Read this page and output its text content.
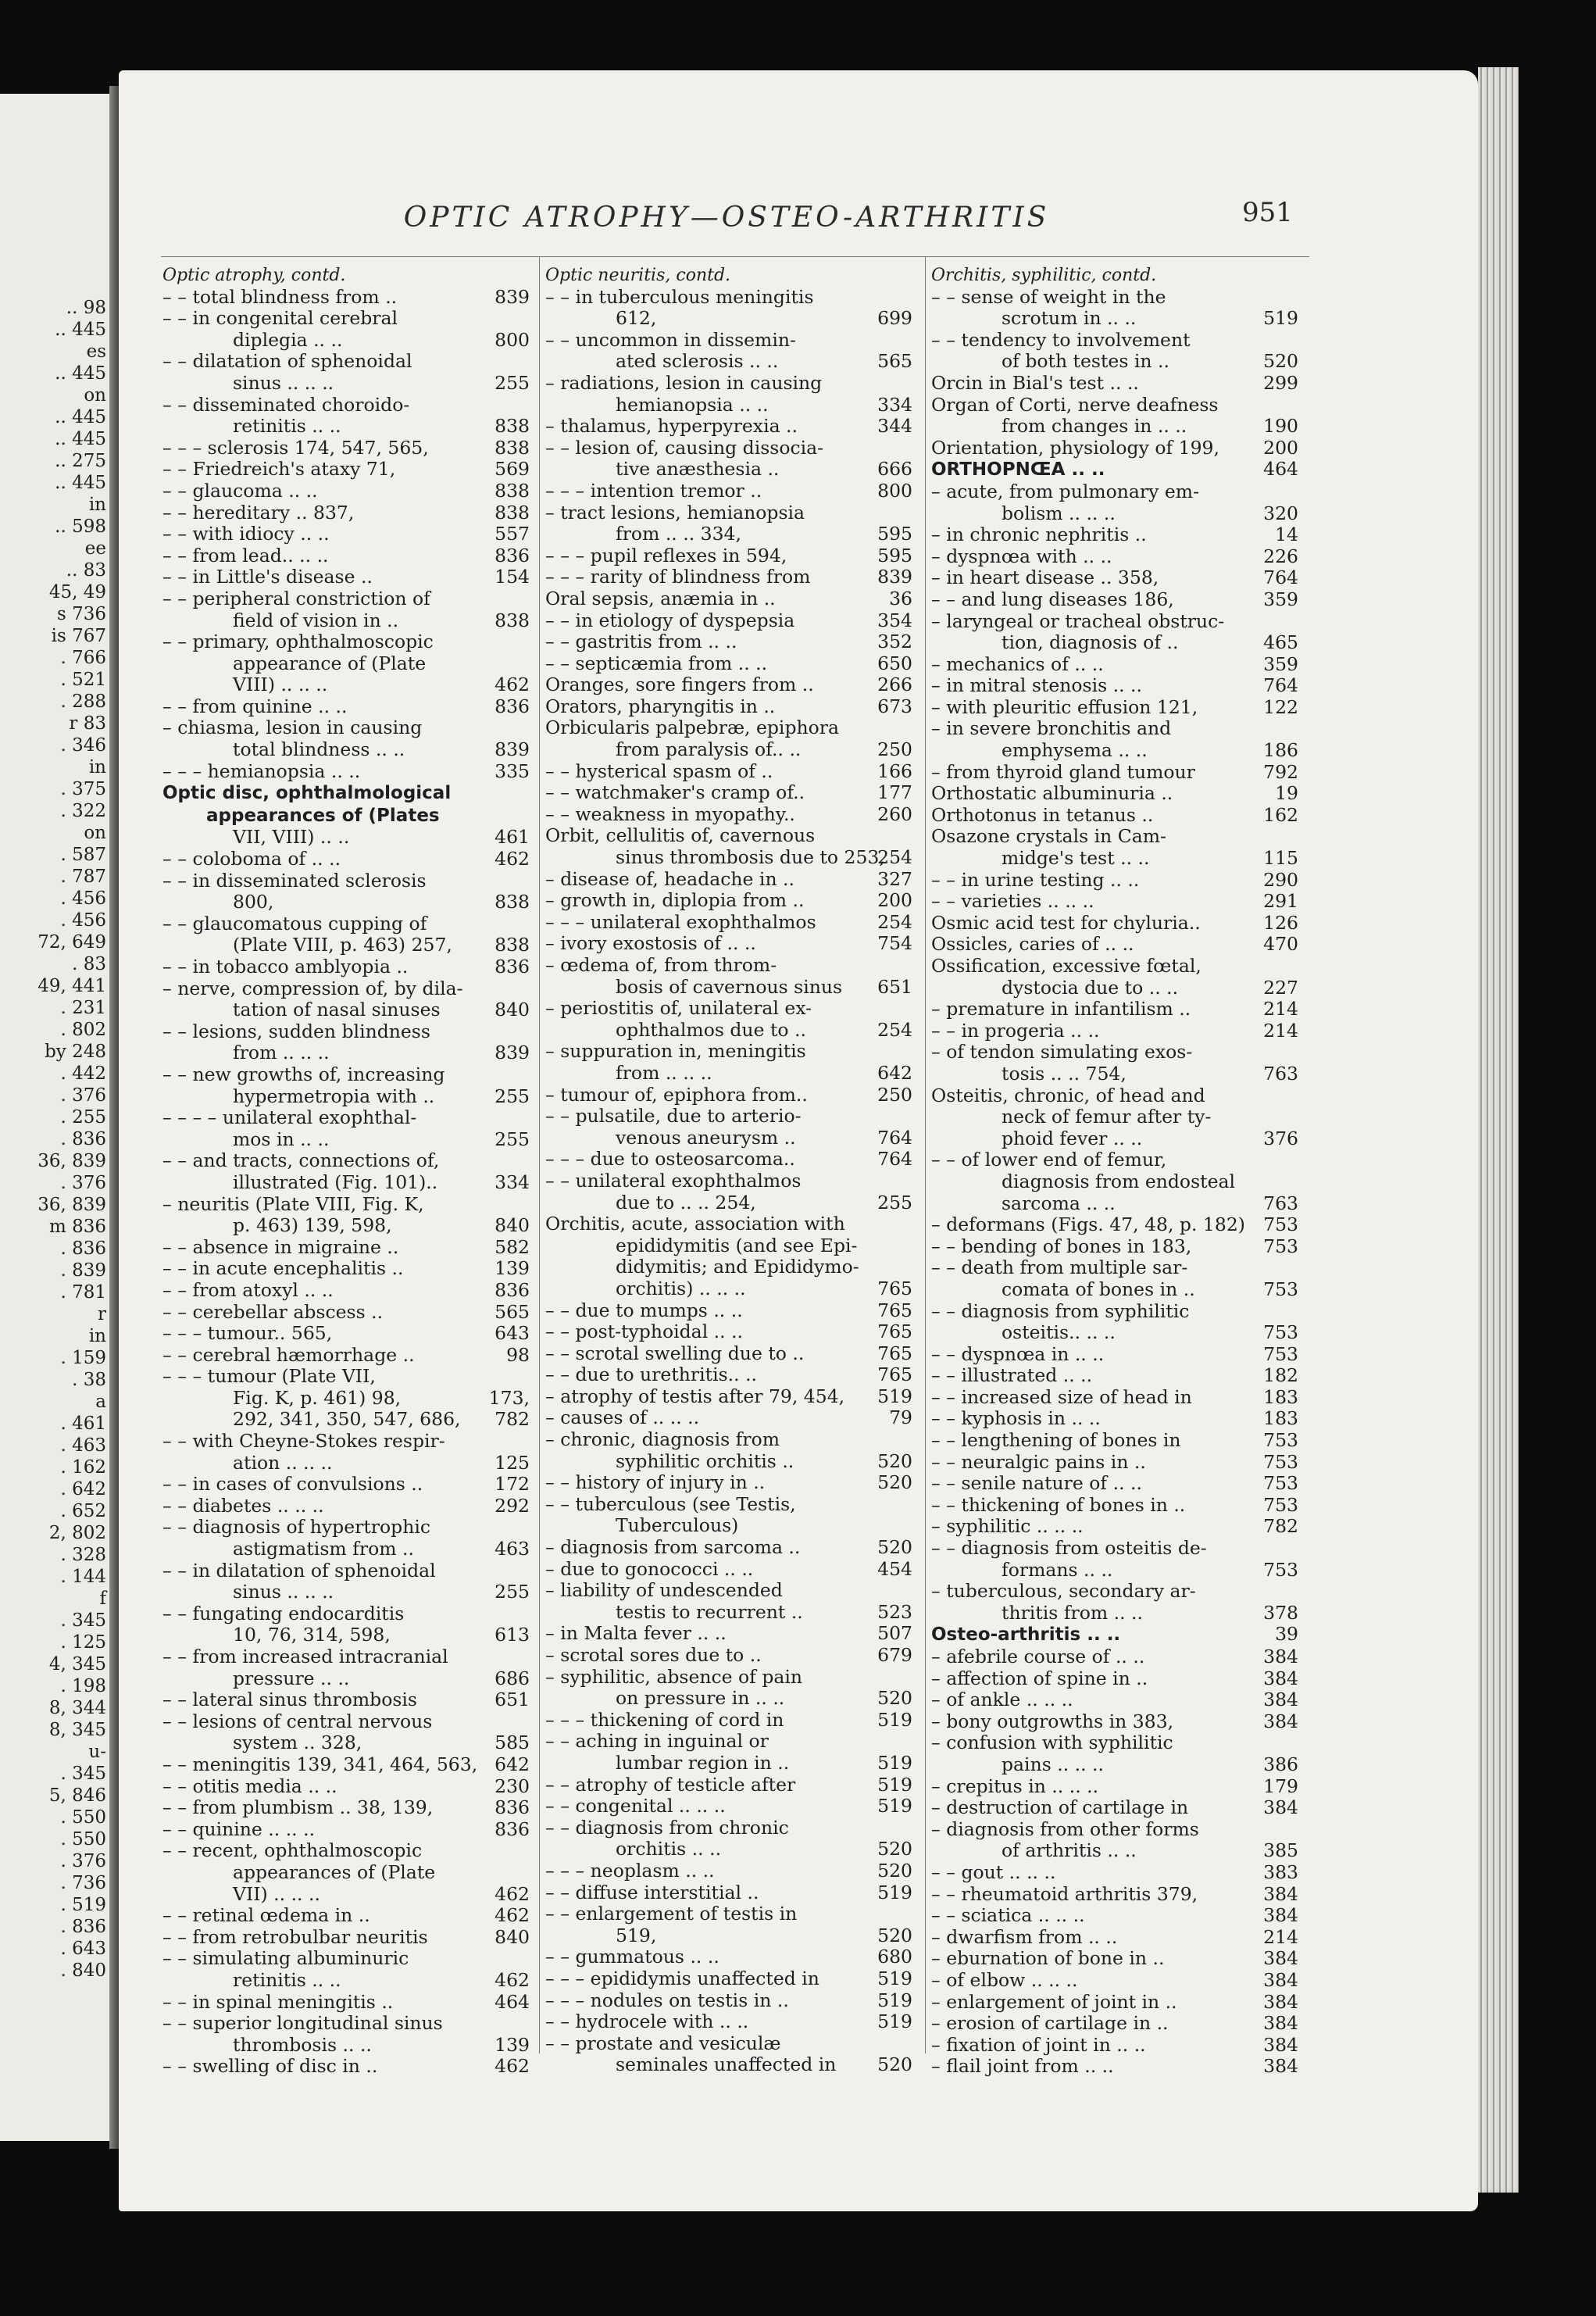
.. 98
.. 445
es
.. 445
on
.. 445
.. 445
.. 275
.. 445
in
.. 598
ee
.. 83
45, 49
s 736
is 767
. 766
. 521
. 288
r 83
. 346
in
. 375
. 322
on
. 587
. 787
. 456
. 456
72, 649
. 83
49, 441
. 231
. 802
by 248
. 442
. 376
. 255
. 836
36, 839
. 376
36, 839
m 836
. 836
. 839
. 781
r
in
. 159
. 38
a
. 461
. 463
. 162
. 642
. 652
2, 802
. 328
. 144
f
. 345
. 125
4, 345
. 198
8, 344
8, 345
u-
. 345
5, 846
. 550
. 550
. 376
. 736
. 519
. 836
. 643
. 840
OPTIC ATROPHY—OSTEO-ARTHRITIS	951
Optic atrophy, contd.
– – total blindness from ..	839
– – in congenital cerebral
diplegia .. ..	800
– – dilatation of sphenoidal
sinus .. .. ..	255
– – disseminated choroido-
retinitis .. ..	838
– – – sclerosis 174, 547, 565,	838
– – Friedreich's ataxy 71,	569
– – glaucoma .. ..	838
– – hereditary .. 837,	838
– – with idiocy .. ..	557
– – from lead.. .. ..	836
– – in Little's disease ..	154
– – peripheral constriction of
field of vision in ..	838
– – primary, ophthalmoscopic
appearance of (Plate
VIII) .. .. ..	462
– – from quinine .. ..	836
– chiasma, lesion in causing
total blindness .. ..	839
– – – hemianopsia .. ..	335
Optic disc, ophthalmological
appearances of (Plates
VII, VIII) .. ..	461
– – coloboma of .. ..	462
– – in disseminated sclerosis
800,	838
– – glaucomatous cupping of
(Plate VIII, p. 463) 257, 838
– – in tobacco amblyopia ..	836
– nerve, compression of, by dila-
tation of nasal sinuses	840
– – lesions, sudden blindness
from .. .. ..	839
– – new growths of, increasing
hypermetropia with ..	255
– – – – unilateral exophthal-
mos in .. ..	255
– – and tracts, connections of,
illustrated (Fig. 101)..	334
– neuritis (Plate VIII, Fig. K,
p. 463) 139, 598,	840
– – absence in migraine ..	582
– – in acute encephalitis ..	139
– – from atoxyl .. ..	836
– – cerebellar abscess ..	565
– – – tumour.. 565,	643
– – cerebral hæmorrhage ..	98
– – – tumour (Plate VII,
Fig. K, p. 461) 98,	173,
292, 341, 350, 547, 686, 782
– – with Cheyne-Stokes respir-
ation .. .. ..	125
– – in cases of convulsions ..	172
– – diabetes .. .. ..	292
– – diagnosis of hypertrophic
astigmatism from ..	463
– – in dilatation of sphenoidal
sinus .. .. ..	255
– – fungating endocarditis
10, 76, 314, 598,	613
– – from increased intracranial
pressure .. ..	686
– – lateral sinus thrombosis	651
– – lesions of central nervous
system .. 328,	585
– – meningitis 139, 341, 464, 563, 642
– – otitis media .. ..	230
– – from plumbism .. 38, 139,	836
– – quinine .. .. ..	836
– – recent, ophthalmoscopic
appearances of (Plate
VII) .. .. ..	462
– – retinal œdema in ..	462
– – from retrobulbar neuritis	840
– – simulating albuminuric
retinitis .. ..	462
– – in spinal meningitis ..	464
– – superior longitudinal sinus
thrombosis .. ..	139
– – swelling of disc in ..	462
Optic neuritis, contd.
– – in tuberculous meningitis
612,	699
– – uncommon in dissemin-
ated sclerosis .. ..	565
– radiations, lesion in causing
hemianopsia .. ..	334
– thalamus, hyperpyrexia ..	344
– – lesion of, causing dissocia-
tive anæsthesia ..	666
– – – intention tremor ..	800
– tract lesions, hemianopsia
from .. .. 334,	595
– – – pupil reflexes in 594,	595
– – – rarity of blindness from	839
Oral sepsis, anæmia in ..	36
– – in etiology of dyspepsia	354
– – gastritis from .. ..	352
– – septicæmia from .. ..	650
Oranges, sore fingers from ..	266
Orators, pharyngitis in ..	673
Orbicularis palpebræ, epiphora
from paralysis of.. ..	250
– – hysterical spasm of ..	166
– – watchmaker's cramp of..	177
– – weakness in myopathy..	260
Orbit, cellulitis of, cavernous
sinus thrombosis due to 253,
254
– disease of, headache in ..	327
– growth in, diplopia from ..	200
– – – unilateral exophthalmos	254
– ivory exostosis of .. ..	754
– œdema of, from throm-
bosis of cavernous sinus 651
– periostitis of, unilateral ex-
ophthalmos due to ..	254
– suppuration in, meningitis
from .. .. ..	642
– tumour of, epiphora from..	250
– – pulsatile, due to arterio-
venous aneurysm ..	764
– – – due to osteosarcoma..	764
– – unilateral exophthalmos
due to .. .. 254,	255
Orchitis, acute, association with
epididymitis (and see Epi-
didymitis; and Epididymo-
orchitis) .. .. ..	765
– – due to mumps .. ..	765
– – post-typhoidal .. ..	765
– – scrotal swelling due to ..	765
– – due to urethritis.. ..	765
– atrophy of testis after 79, 454, 519
– causes of .. .. ..	79
– chronic, diagnosis from
syphilitic orchitis ..	520
– – history of injury in ..	520
– – tuberculous (see Testis,
Tuberculous)
– diagnosis from sarcoma ..	520
– due to gonococci .. ..	454
– liability of undescended
testis to recurrent ..	523
– in Malta fever .. ..	507
– scrotal sores due to ..	679
– syphilitic, absence of pain
on pressure in .. ..	520
– – – thickening of cord in	519
– – aching in inguinal or
lumbar region in ..	519
– – atrophy of testicle after	519
– – congenital .. .. ..	519
– – diagnosis from chronic
orchitis .. ..	520
– – – neoplasm .. ..	520
– – diffuse interstitial ..	519
– – enlargement of testis in
519,	520
– – gummatous .. ..	680
– – – epididymis unaffected in	519
– – – nodules on testis in ..	519
– – hydrocele with .. ..	519
– – prostate and vesiculæ
seminales unaffected in 520
Orchitis, syphilitic, contd.
– – sense of weight in the
scrotum in .. ..	519
– – tendency to involvement
of both testes in ..	520
Orcin in Bial's test .. ..	299
Organ of Corti, nerve deafness
from changes in .. ..	190
Orientation, physiology of 199, 200
ORTHOPNŒA .. ..	464
– acute, from pulmonary em-
bolism .. .. ..	320
– in chronic nephritis ..	14
– dyspnœa with .. ..	226
– in heart disease .. 358,	764
– – and lung diseases 186,	359
– laryngeal or tracheal obstruc-
tion, diagnosis of ..	465
– mechanics of .. ..	359
– in mitral stenosis .. ..	764
– with pleuritic effusion 121,	122
– in severe bronchitis and
emphysema .. ..	186
– from thyroid gland tumour	792
Orthostatic albuminuria ..	19
Orthotonus in tetanus ..	162
Osazone crystals in Cam-
midge's test .. ..	115
– – in urine testing .. ..	290
– – varieties .. .. ..	291
Osmic acid test for chyluria..	126
Ossicles, caries of .. ..	470
Ossification, excessive fœtal,
dystocia due to .. ..	227
– premature in infantilism ..	214
– – in progeria .. ..	214
– of tendon simulating exos-
tosis .. .. 754,	763
Osteitis, chronic, of head and
neck of femur after ty-
phoid fever .. ..	376
– – of lower end of femur,
diagnosis from endosteal
sarcoma .. ..	763
– deformans (Figs. 47, 48, p. 182) 753
– – bending of bones in 183,	753
– – death from multiple sar-
comata of bones in ..	753
– – diagnosis from syphilitic
osteitis.. .. ..	753
– – dyspnœa in .. ..	753
– – illustrated .. ..	182
– – increased size of head in	183
– – kyphosis in .. ..	183
– – lengthening of bones in	753
– – neuralgic pains in ..	753
– – senile nature of .. ..	753
– – thickening of bones in ..	753
– syphilitic .. .. ..	782
– – diagnosis from osteitis de-
formans .. ..	753
– tuberculous, secondary ar-
thritis from .. ..	378
Osteo-arthritis .. ..	39
– afebrile course of .. ..	384
– affection of spine in ..	384
– of ankle .. .. ..	384
– bony outgrowths in 383,	384
– confusion with syphilitic
pains .. .. ..	386
– crepitus in .. .. ..	179
– destruction of cartilage in	384
– diagnosis from other forms
of arthritis .. ..	385
– – gout .. .. ..	383
– – rheumatoid arthritis 379,	384
– – sciatica .. .. ..	384
– dwarfism from .. ..	214
– eburnation of bone in ..	384
– of elbow .. .. ..	384
– enlargement of joint in ..	384
– erosion of cartilage in ..	384
– fixation of joint in .. ..	384
– flail joint from .. ..	384
